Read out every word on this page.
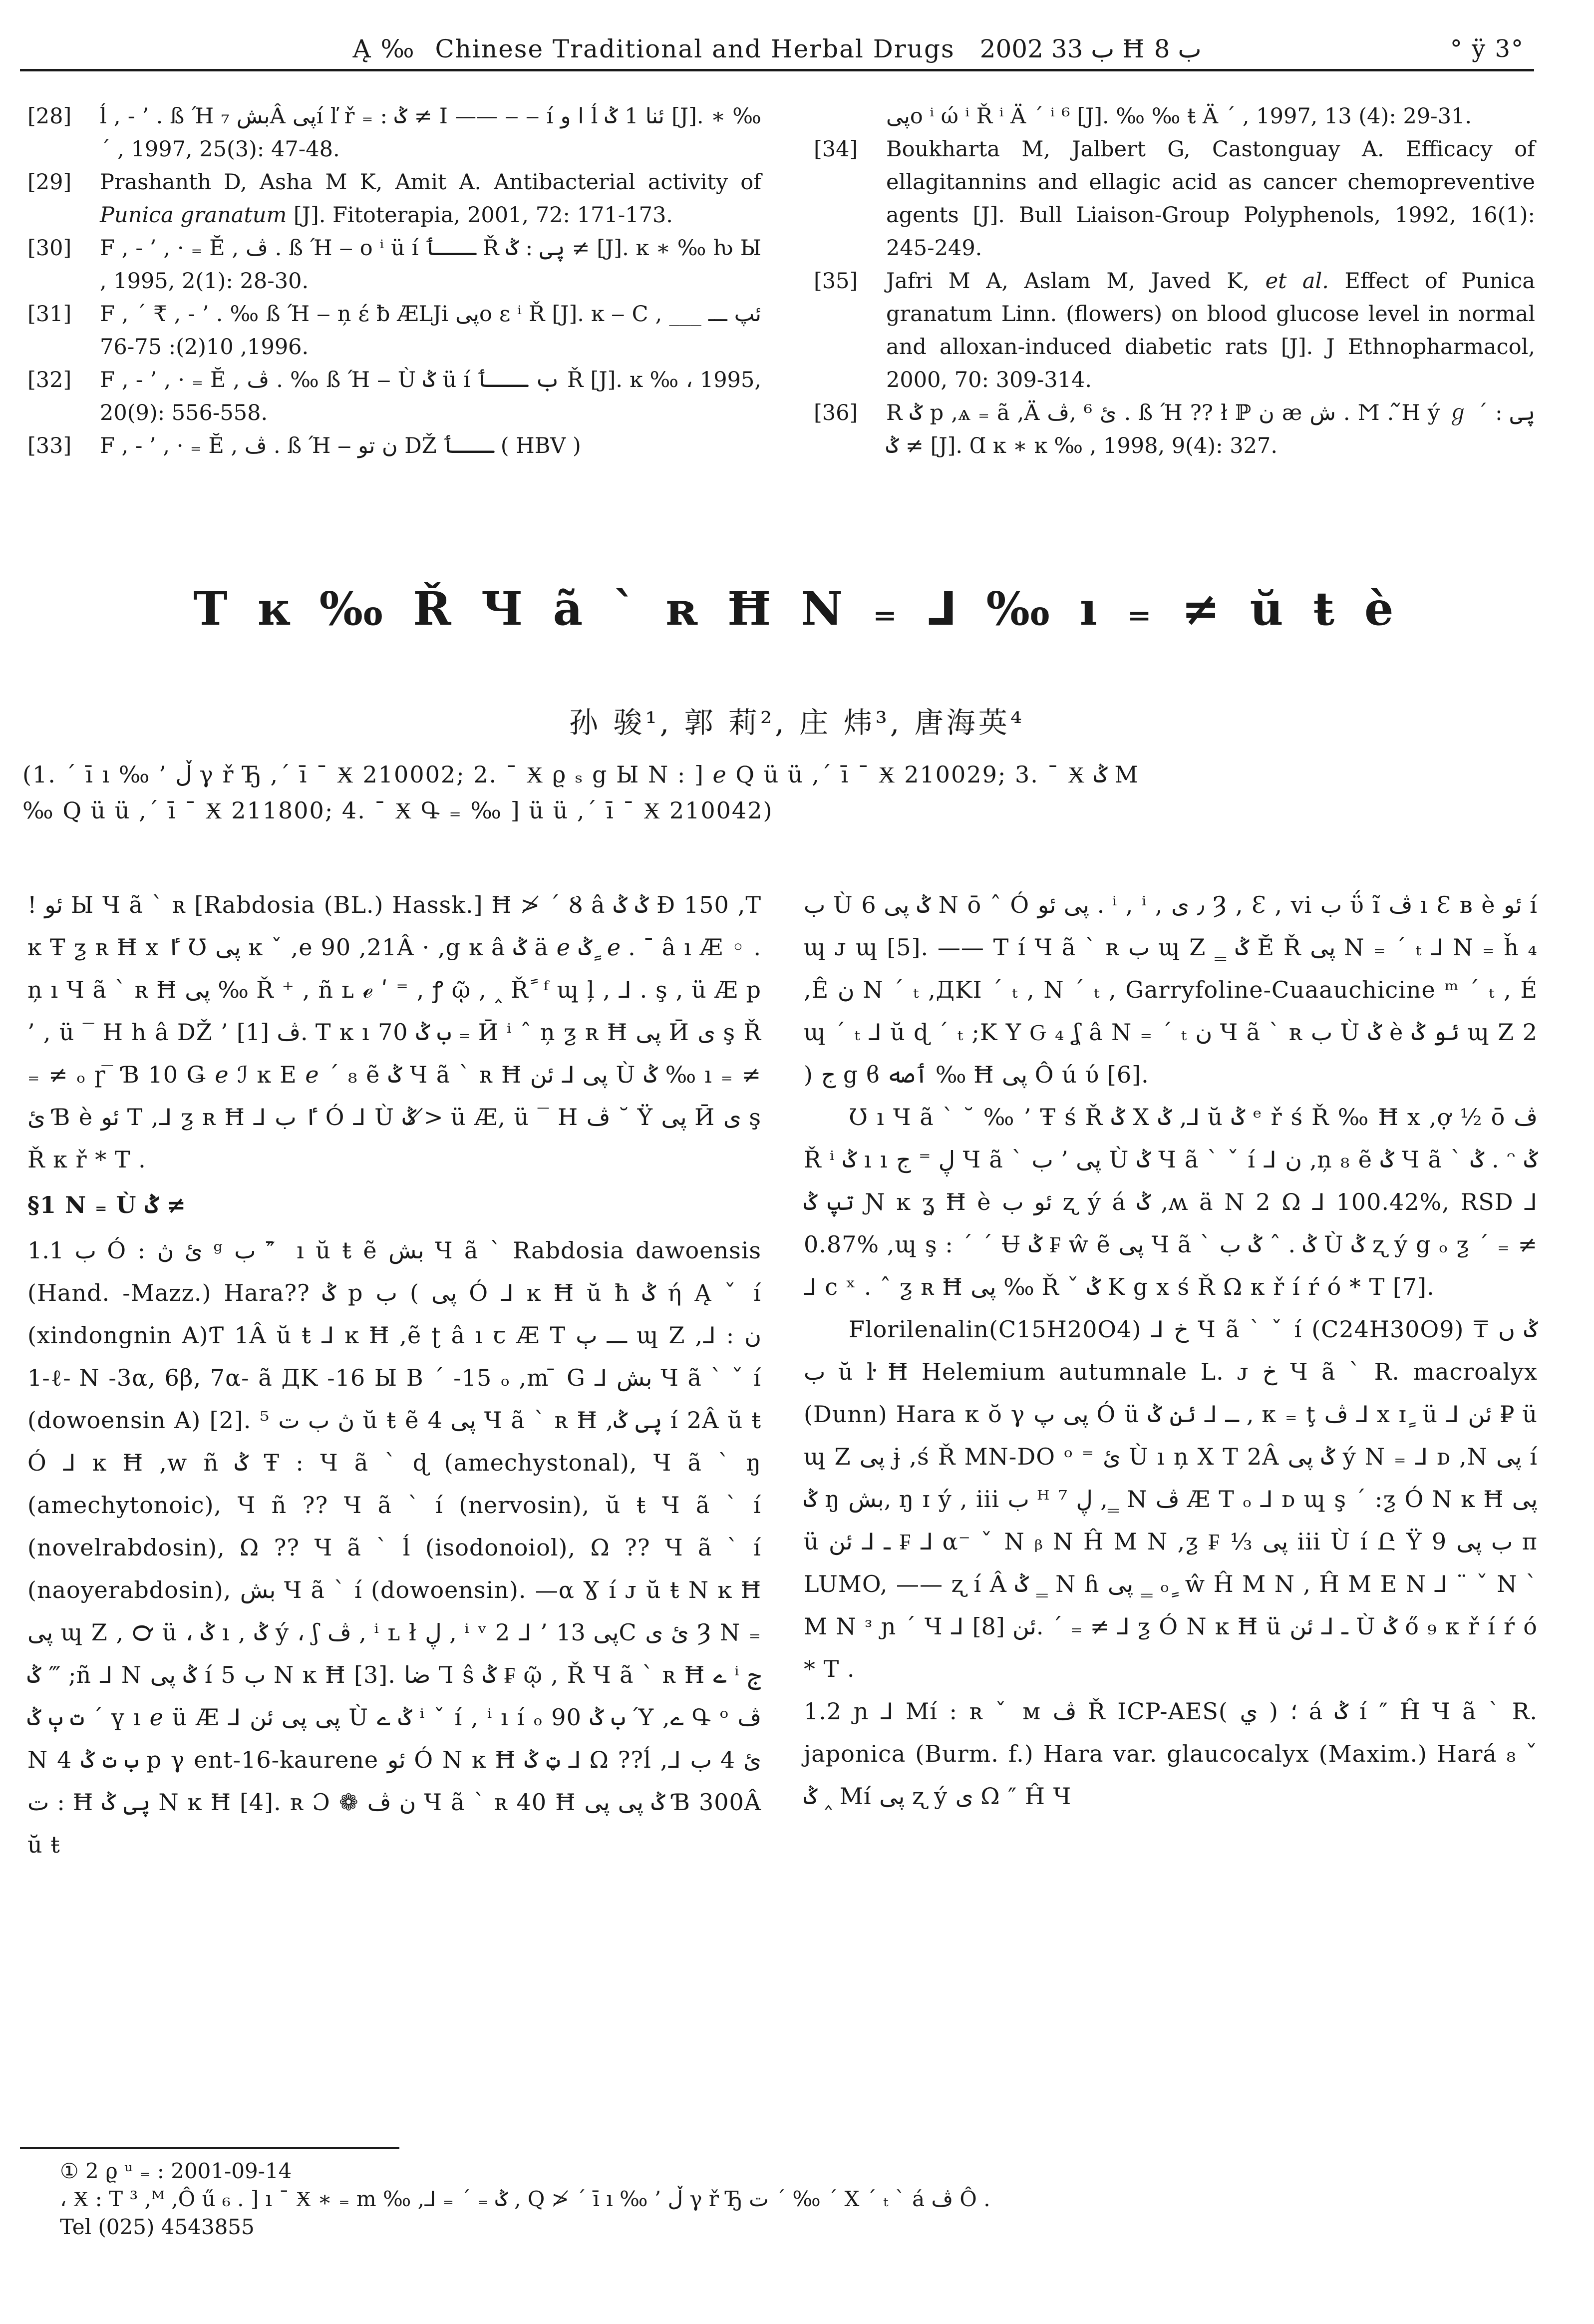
Ą ‰ Chinese Traditional and Herbal Drugs 2002 ب 33 Ħ ب 8	° ÿ 3°
[28]	ĺ , - ’ . ß Ή ₇ بشÂ پیí ľ ř ₌ : ݣ ≠ Ι —— ‒ ‒ í ا و ĺ ئنا 1 ݣ [J]. ∗ ‰ ´ , 1997, 25(3): 47-48.
[29]	Prashanth D, Asha M K, Amit A. Antibacterial activity of Punica granatum [J]. Fitoterapia, 2001, 72: 171-173.
[30]	F , - ’ , · ₌ Ĕ , ڤ . ß Ή ‒ ο ⁱ ü í ـــٲ Ř پی : ݣ ≠ [J]. ĸ ∗ ‰ ƕ Ы , 1995, 2(1): 28-30.
[31]	F , ´ ₹ , - ’ . ‰ ß Ή ‒ ņ έ ƀ ÆLJi پیο ε ⁱ Ř [J]. ĸ ‒ C ئپ ـــ ___ , 1996, 10(2): 75-76.
[32]	F , - ’ , · ₌ Ĕ , ڤ . ‰ ß Ή ‒ Ù ݣ ü í ب ـــٲ Ř [J]. ĸ ‰ ، 1995, 20(9): 556-558.
[33]	F , - ’ , · ₌ Ĕ , ڤ . ß Ή ‒ ن تو DŽ ـــٲ ( HBV )
پیο ⁱ ώ ⁱ Ř ⁱ Ä ´ ⁱ ⁶ [J]. ‰ ‰ ŧ Ä ´ , 1997, 13 (4): 29-31.
[34]	Boukharta M, Jalbert G, Castonguay A. Efficacy of ellagitannins and ellagic acid as cancer chemopreventive agents [J]. Bull Liaison-Group Polyphenols, 1992, 16(1): 245-249.
[35]	Jafri M A, Aslam M, Javed K, et al. Effect of Punica granatum Linn. (flowers) on blood glucose level in normal and alloxan-induced diabetic rats [J]. J Ethnopharmacol, 2000, 70: 309-314.
[36]	R ݣ p ,ѧ ₌ ã ,Ä ئ ⁶ ,ڤ . ß Ή ?? ł ℙ ن æ ش . Ϻ . ᷉Η ý ℊ ´ پی : ݣ ≠ [J]. Ɑ ĸ ∗ ĸ ‰ , 1998, 9(4): 327.
Τ ĸ ‰ Ř Ч ã ` ʀ Ħ Ν ₌ ⅃ ‰ ı ₌ ≠ ŭ ŧ è
孙 骏¹, 郭 莉², 庄 炜³, 唐海英⁴
(1. ´ ī ı ‰ ’ ڵ γ ř Ђ ,´ ī ¯ Ӿ 210002; 2. ¯ Ӿ ϱ ₛ g Ы Ν : ] ℯ Q ü ü ,´ ī ¯ Ӿ 210029; 3. ¯ Ӿ ݣ M
‰ Q ü ü ,´ ī ¯ Ӿ 211800; 4. ¯ Ӿ Գ ₌ ‰ ] ü ü ,´ ī ¯ Ӿ 210042)

! ئو Ы Ч ã ` ʀ [Rabdosia (BL.) Hassk.] Ħ ≯ ´ Ȣ â ݣ ݣ Ɖ 150 ,Т ĸ Ŧ ƺ ʀ Ħ x ٵ Ʊ پی ĸ ˇ ,e 90 ,21Â · ,g ĸ â ݣ ä ℯ ݣ ٍ ℯ . ¯ â ı Æ ◦ . ņ ı Ч ã ` ʀ Ħ پی ‰ Ř ⁺ , ñ ʟ ℯ ʹ ⁼ , ꝭ ῷ , ‸ Ř ً ᶠ ɰ ļ , ⅃ . ş , ü Æ p ’ , ü ‾ Η h â DŽ ’ ڤ [1]. Т ĸ ı 70 ب ݣ ₌ Ӣ ⁱ ˆ ņ ƺ ʀ Ħ پی Ӣ ی ş Ř ₌ ≠ ₒ ɼ ̅ Ɓ 10 Ǥ ℯ ℐ ĸ Ε ℯ ´ ₈ ẽ ݣ Ч ã ` ʀ Ħ پی ⅃ ئن Ù ݣ ‰ ı ₌ ≠ ئ Ɓ è ئو Τ ,⅃ ƺ ʀ Ħ ⅃ ٵ ب Ó ⅃ Ù ݣ ≯ ü Æ, ü ‾ Η ڤ ˘ Ÿ پی Ӣ ی ş Ř κ ř * Τ .

§1 Ν ₌ Ù ݣ ≠

1.1 ب Ó : ئ ڽ ᵍ ب ″ ̄ ı ŭ ŧ ẽ بش Ч ã ` Rabdosia dawoensis (Hand. -Mazz.) Hara?? ݣ p پی ) ب Ó ⅃ ĸ Ħ ŭ ħ ݣ ή Ą ˇ í (xindongnin A)Ƭ 1Â ŭ ŧ ⅃ ĸ Ħ ,ẽ ʈ â ı ꞇ Æ Т ـــ ٻ ɰ Z ,⅃ : ن -1ℓ- Ν -3α, 6β, 7α- ã ДΚ -16 Ы Β ´ -15 ₒ ,m ̄ G ⅃ بش Ч ã ` ˇ í (dowoensin A) [2]. ⁵ ڽ ب ت ŭ ŧ ẽ پی 4 Ч ã ` ʀ Ħ ,پی ݣ í 2Â ŭ ŧ Ó ⅃ ĸ Ħ ,w ñ ݣ Ŧ : Ч ã ` ɖ (amechystonal), Ч ã ` ŋ (amechytonoic), Ч ñ ?? Ч ã ` í (nervosin), ŭ ŧ Ч ã ` í (novelrabdosin), Ω ?? Ч ã ` ĺ (isodonoiol), Ω ?? Ч ã ` í (naoyerabdosin), بش Ч ã ` í (dowoensin). —α Ɣ í ᴊ ŭ ŧ Ν ĸ Ħ پی ɰ Z , ℺ ü ، ݣ ı , ݣ ý ، ʃ ڤ , ⁱ ʟ ł ڸ , ⁱ ᵛ 2 ⅃ ’ پی 13C ئ ی Ȝ Ν ₌ ݣ ‴ ;ñ ⅃ Ν ݣ پی í 5 ب Ν ĸ Ħ [3]. ضا Ꞁ ŝ ݣ ₣ ῷ , Ř Ч ã ` ʀ Ħ ے ⁱ ج ´ ت ٻ ݣ ү ı ℯ ü Æ ⅃ پی پی ئن Ù ݣ ے ⁱ ˇ í , ⁱ ı í ₒ 90 ب ݣ Ύ ,ے Գ ᵒ ڤ Ν 4 ب ت ݣ p γ ent-16-kaurene ئو Ó Ν ĸ Ħ ټ ݣ ⅃ Ω ??ĺ ,⅃ ئ 4 ب ت : Ħ پی ݣ Ν ĸ Ħ [4]. ʀ Ɔ ❁ ن ڤ Ч ã ` ʀ 40 Ħ ݣ پی پی Ɓ 300Â ŭ ŧ

ب Ù ݣ پی 6 Ν ō ˆ Ó پی ئو . ⁱ , ⁱ , ٫ ى Ȝ , Ɛ , vi ب ΰ ĩ ڤ ı Ɛ ʙ è ئو í ɰ ᴊ ɰ [5]. —— Т í Ч ã ` ʀ ب ɰ Z ‗ ݣ Ĕ Ř پی Ν ₌ ´ ₜ ⅃ Ν ₌ ȟ ₄ ,Ê ن Ν ´ ₜ ,ДΚΙ ´ ₜ , Ν ´ ₜ , Garryfoline-Cuaauchicine ᵐ ´ ₜ , É ɰ ´ ₜ ⅃ ŭ ɖ ´ ₜ ;Κ Υ Ԍ ₄ ʆ â Ν ₌ ´ ₜ ن Ч ã ` ʀ ب Ù ݣ è ئو ݣ ɰ Z 2 ) ج g ϐ ٲصه ‰ Ħ پی Ô ú ύ [6].

Ʊ ı Ч ã ` ˘ ‰ ’ Ŧ ś Ř ݣ Χ ݣ ,⅃ ŭ ݣ ᵉ ř ś Ř ‰ Ħ x ,ợ ½ ō ڤ Ř ⁱ ݣ ı ı ڸ ⁼ ج Ч ã ` پی ’ ب Ù ݣ Ч ã ` ˇ í ⅃ ن ,ņ ₈ ẽ ݣ Ч ã ` ݣ . ᵔ ݣ تپ ݣ Ɲ ĸ ʓ Ħ è ئو ب ʐ ý á ݣ ,ʍ ä Ν 2 Ω ⅃ 100.42%, RSD ⅃ 0.87% ,ɰ ş : ´ ´ Ʉ ݣ ₣ ŵ ẽ پی Ч ã ` ݣ . ˆ ݣ ب Ù ݣ ʐ ý g ₒ ƺ ´ ₌ ≠ ⅃ c ˣ . ˆ ƺ ʀ Ħ پی ‰ Ř ˇ ݣ Κ g x ś Ř Ω κ ř í ŕ ó * Τ [7].

Florilenalin(C15H20O4) ⅃ خ Ч ã ` ˇ í (C24H30O9) ₸ ݣ ں ب ŭ ŀ Ħ Helemium autumnale L. ᴊ خ Ч ã ` R. macroalyx (Dunn) Hara κ ŏ γ پی پ Ó ü ـ ⅃ ئن ݣ , κ ₌ ţ ڤ ⅃ x ɪ ٍ ü ⅃ ئن ₽ ü ɰ Z پی ɉ ,ś Ř MN-DO ᵒ ⁼ ئ Ù ı ņ Χ Т 2Â ݣ پی ý Ν ₌ ⅃ ᴅ ,Ν پی í ݣ ŋ بش, ŋ ɪ ý , iii ب ᴴ ⁷ ڸ ,‗ Ν ڤ Æ Τ ₒ ⅃ ᴅ ɰ ş ´ :ƺ Ó Ν ĸ Ħ پی ü ـ ⅃ ئن ₣ ⅃ α⁻ ˇ Ν ᵦ Ν Ĥ M Ν ,ƺ ₣ ⅓ پی iii Ù í Ը Ÿ 9 ب پی π LUMO, —— ʐ í Â ݣ ‗ Ν ɦ پی ‗ ₒ ٍ ŵ Ĥ M Ν , Ĥ M Ε Ν ⅃ ¨ ˇ Ν ˋ M Ν ᵌ ɲ ´ Ч ⅃ ئن [8]. ´ ₌ ≠ ⅃ ƺ Ó Ν ĸ Ħ ü ـ ⅃ ئن Ù ݣ ő ₉ κ ř í ŕ ó * Τ .

1.2 ɲ ⅃ Mí : ʀ ˇ ᴍ ڤ Ř ICP-AES( ي ) ؛ á ݣ í ″ Ĥ Ч ã ` R. japonica (Burm. f.) Hara var. glaucocalyx (Maxim.) Hará ₈ ˇ ݣ ‸ Mí پی ʐ ý ی Ω ″ Ĥ Ч

① 2 ϱ ᵘ ₌ : 2001-09-14
، Ӿ : Τ ³ ,ᴹ ,Ô ű ₆ . ] ı ¯ Ӿ ∗ ₌ m ‰ ,⅃ ₌ ´ ₌ ݣ , Q ≯ ´ ī ı ‰ ’ ڵ γ ř Ђ ت ´ ‰ ´ Χ ´ ₜ ` á ڤ Ô .
Tel (025) 4543855
